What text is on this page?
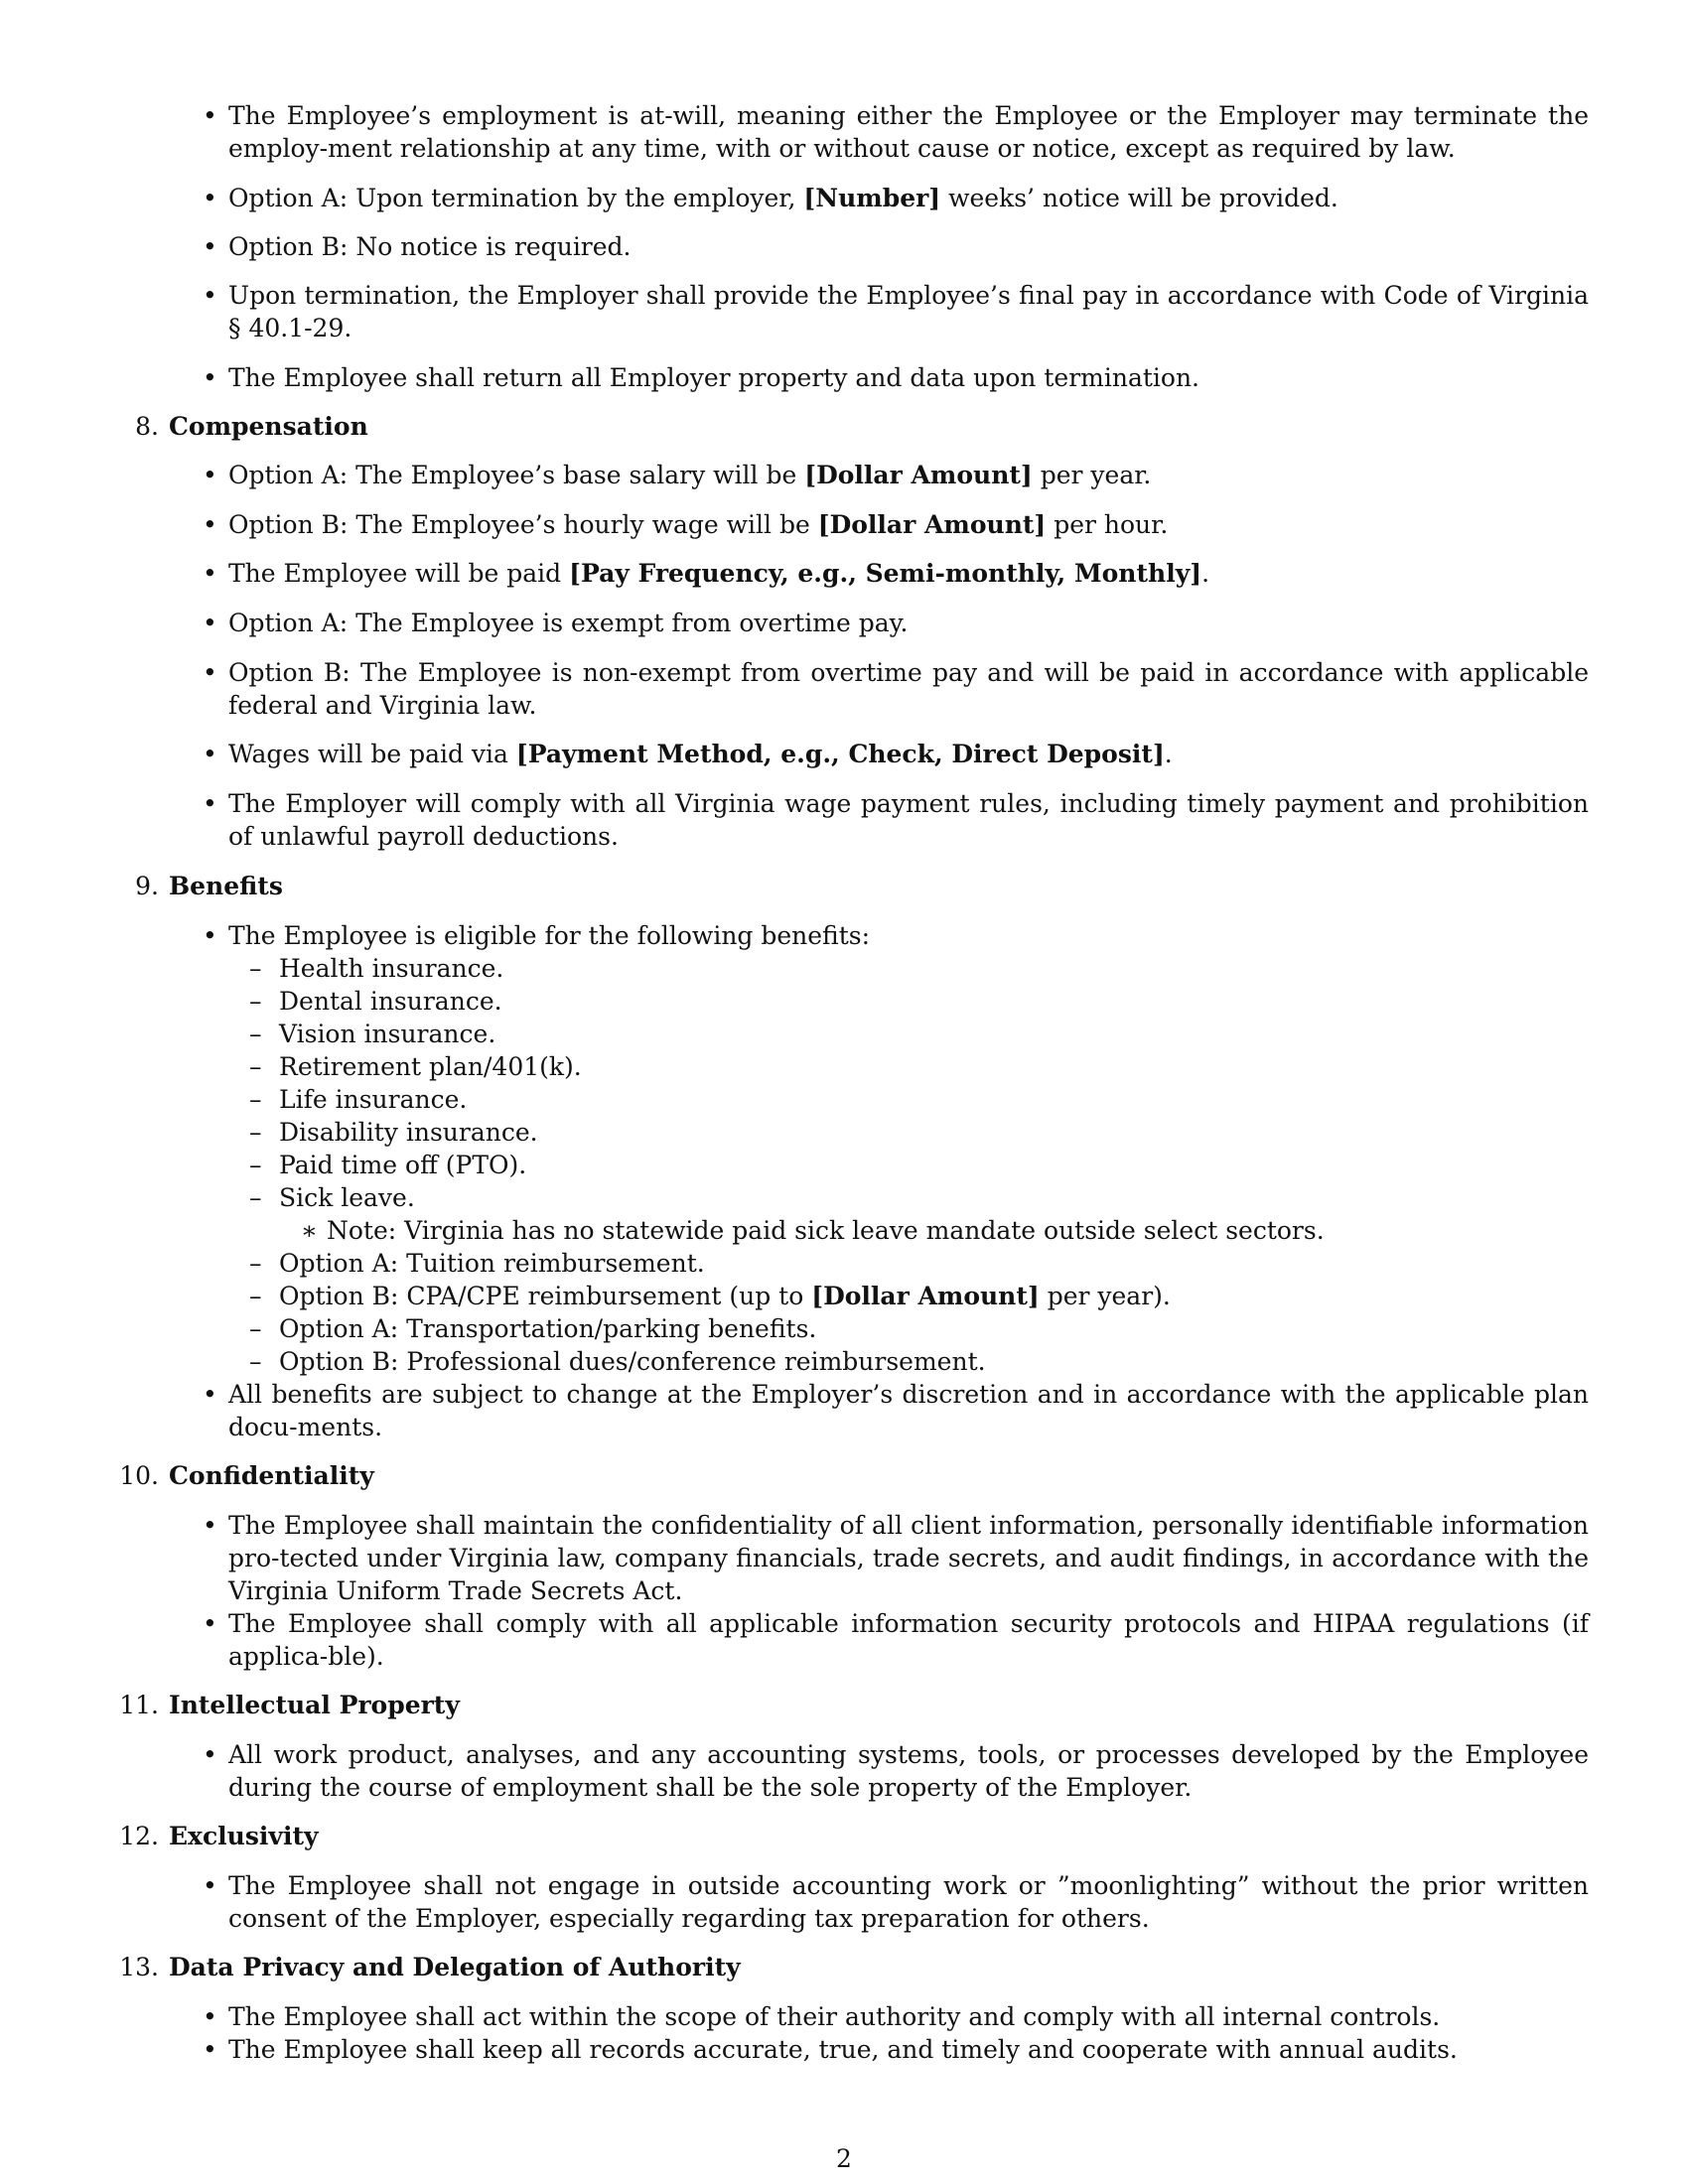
• The Employee’s employment is at-will, meaning either the Employee or the Employer may terminate the employ-ment relationship at any time, with or without cause or notice, except as required by law.
• Option A: Upon termination by the employer, [Number] weeks’ notice will be provided.
• Option B: No notice is required.
• Upon termination, the Employer shall provide the Employee’s final pay in accordance with Code of Virginia § 40.1-29.
• The Employee shall return all Employer property and data upon termination.
8. Compensation
• Option A: The Employee’s base salary will be [Dollar Amount] per year.
• Option B: The Employee’s hourly wage will be [Dollar Amount] per hour.
• The Employee will be paid [Pay Frequency, e.g., Semi-monthly, Monthly].
• Option A: The Employee is exempt from overtime pay.
• Option B: The Employee is non-exempt from overtime pay and will be paid in accordance with applicable federal and Virginia law.
• Wages will be paid via [Payment Method, e.g., Check, Direct Deposit].
• The Employer will comply with all Virginia wage payment rules, including timely payment and prohibition of unlawful payroll deductions.
9. Benefits
• The Employee is eligible for the following benefits:
– Health insurance.
– Dental insurance.
– Vision insurance.
– Retirement plan/401(k).
– Life insurance.
– Disability insurance.
– Paid time off (PTO).
– Sick leave.
∗ Note: Virginia has no statewide paid sick leave mandate outside select sectors.
– Option A: Tuition reimbursement.
– Option B: CPA/CPE reimbursement (up to [Dollar Amount] per year).
– Option A: Transportation/parking benefits.
– Option B: Professional dues/conference reimbursement.
• All benefits are subject to change at the Employer’s discretion and in accordance with the applicable plan docu-ments.
10. Confidentiality
• The Employee shall maintain the confidentiality of all client information, personally identifiable information pro-tected under Virginia law, company financials, trade secrets, and audit findings, in accordance with the Virginia Uniform Trade Secrets Act.
• The Employee shall comply with all applicable information security protocols and HIPAA regulations (if applica-ble).
11. Intellectual Property
• All work product, analyses, and any accounting systems, tools, or processes developed by the Employee during the course of employment shall be the sole property of the Employer.
12. Exclusivity
• The Employee shall not engage in outside accounting work or ”moonlighting” without the prior written consent of the Employer, especially regarding tax preparation for others.
13. Data Privacy and Delegation of Authority
• The Employee shall act within the scope of their authority and comply with all internal controls.
• The Employee shall keep all records accurate, true, and timely and cooperate with annual audits.
2
